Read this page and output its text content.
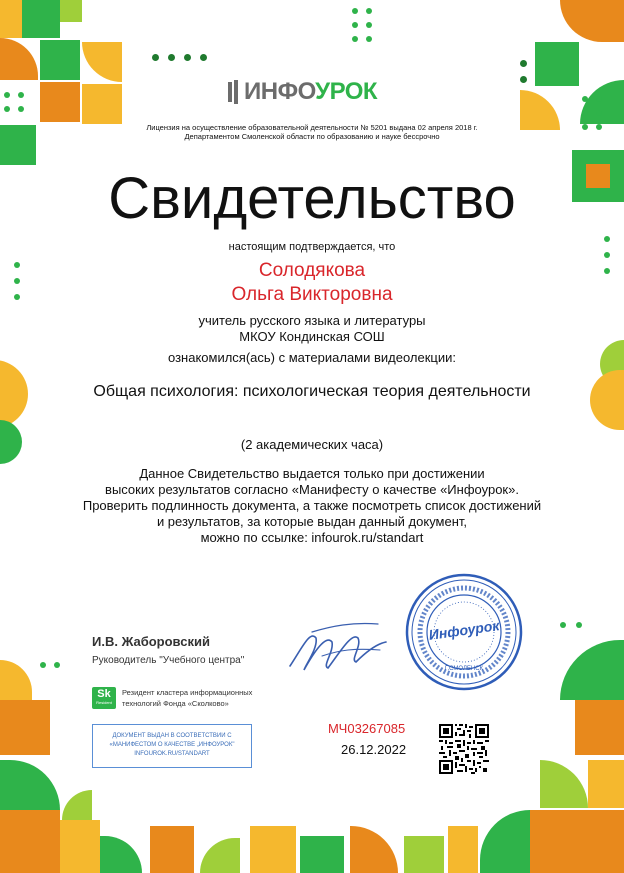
ИНФОУРОК
Лицензия на осуществление образовательной деятельности № 5201 выдана 02 апреля 2018 г.
Департаментом Смоленской области по образованию и науке бессрочно
Свидетельство
настоящим подтверждается, что
Солодякова
Ольга Викторовна
учитель русского языка и литературы
МКОУ Кондинская СОШ
ознакомился(ась) с материалами видеолекции:
Общая психология: психологическая теория деятельности
(2 академических часа)
Данное Свидетельство выдается только при достижении
высоких результатов согласно «Манифесту о качестве «Инфоурок».
Проверить подлинность документа, а также посмотреть список достижений
и результатов, за которые выдан данный документ,
можно по ссылке: infourok.ru/standart
И.В. Жаборовский
Руководитель "Учебного центра"
Инфоурок
Г.СМОЛЕНСК
Sk
Resident
Резидент кластера информационных
технологий Фонда «Сколково»
ДОКУМЕНТ ВЫДАН В СООТВЕТСТВИИ С
«МАНИФЕСТОМ О КАЧЕСТВЕ „ИНФОУРОК"
INFOUROK.RU/STANDART
МЧ03267085
26.12.2022
